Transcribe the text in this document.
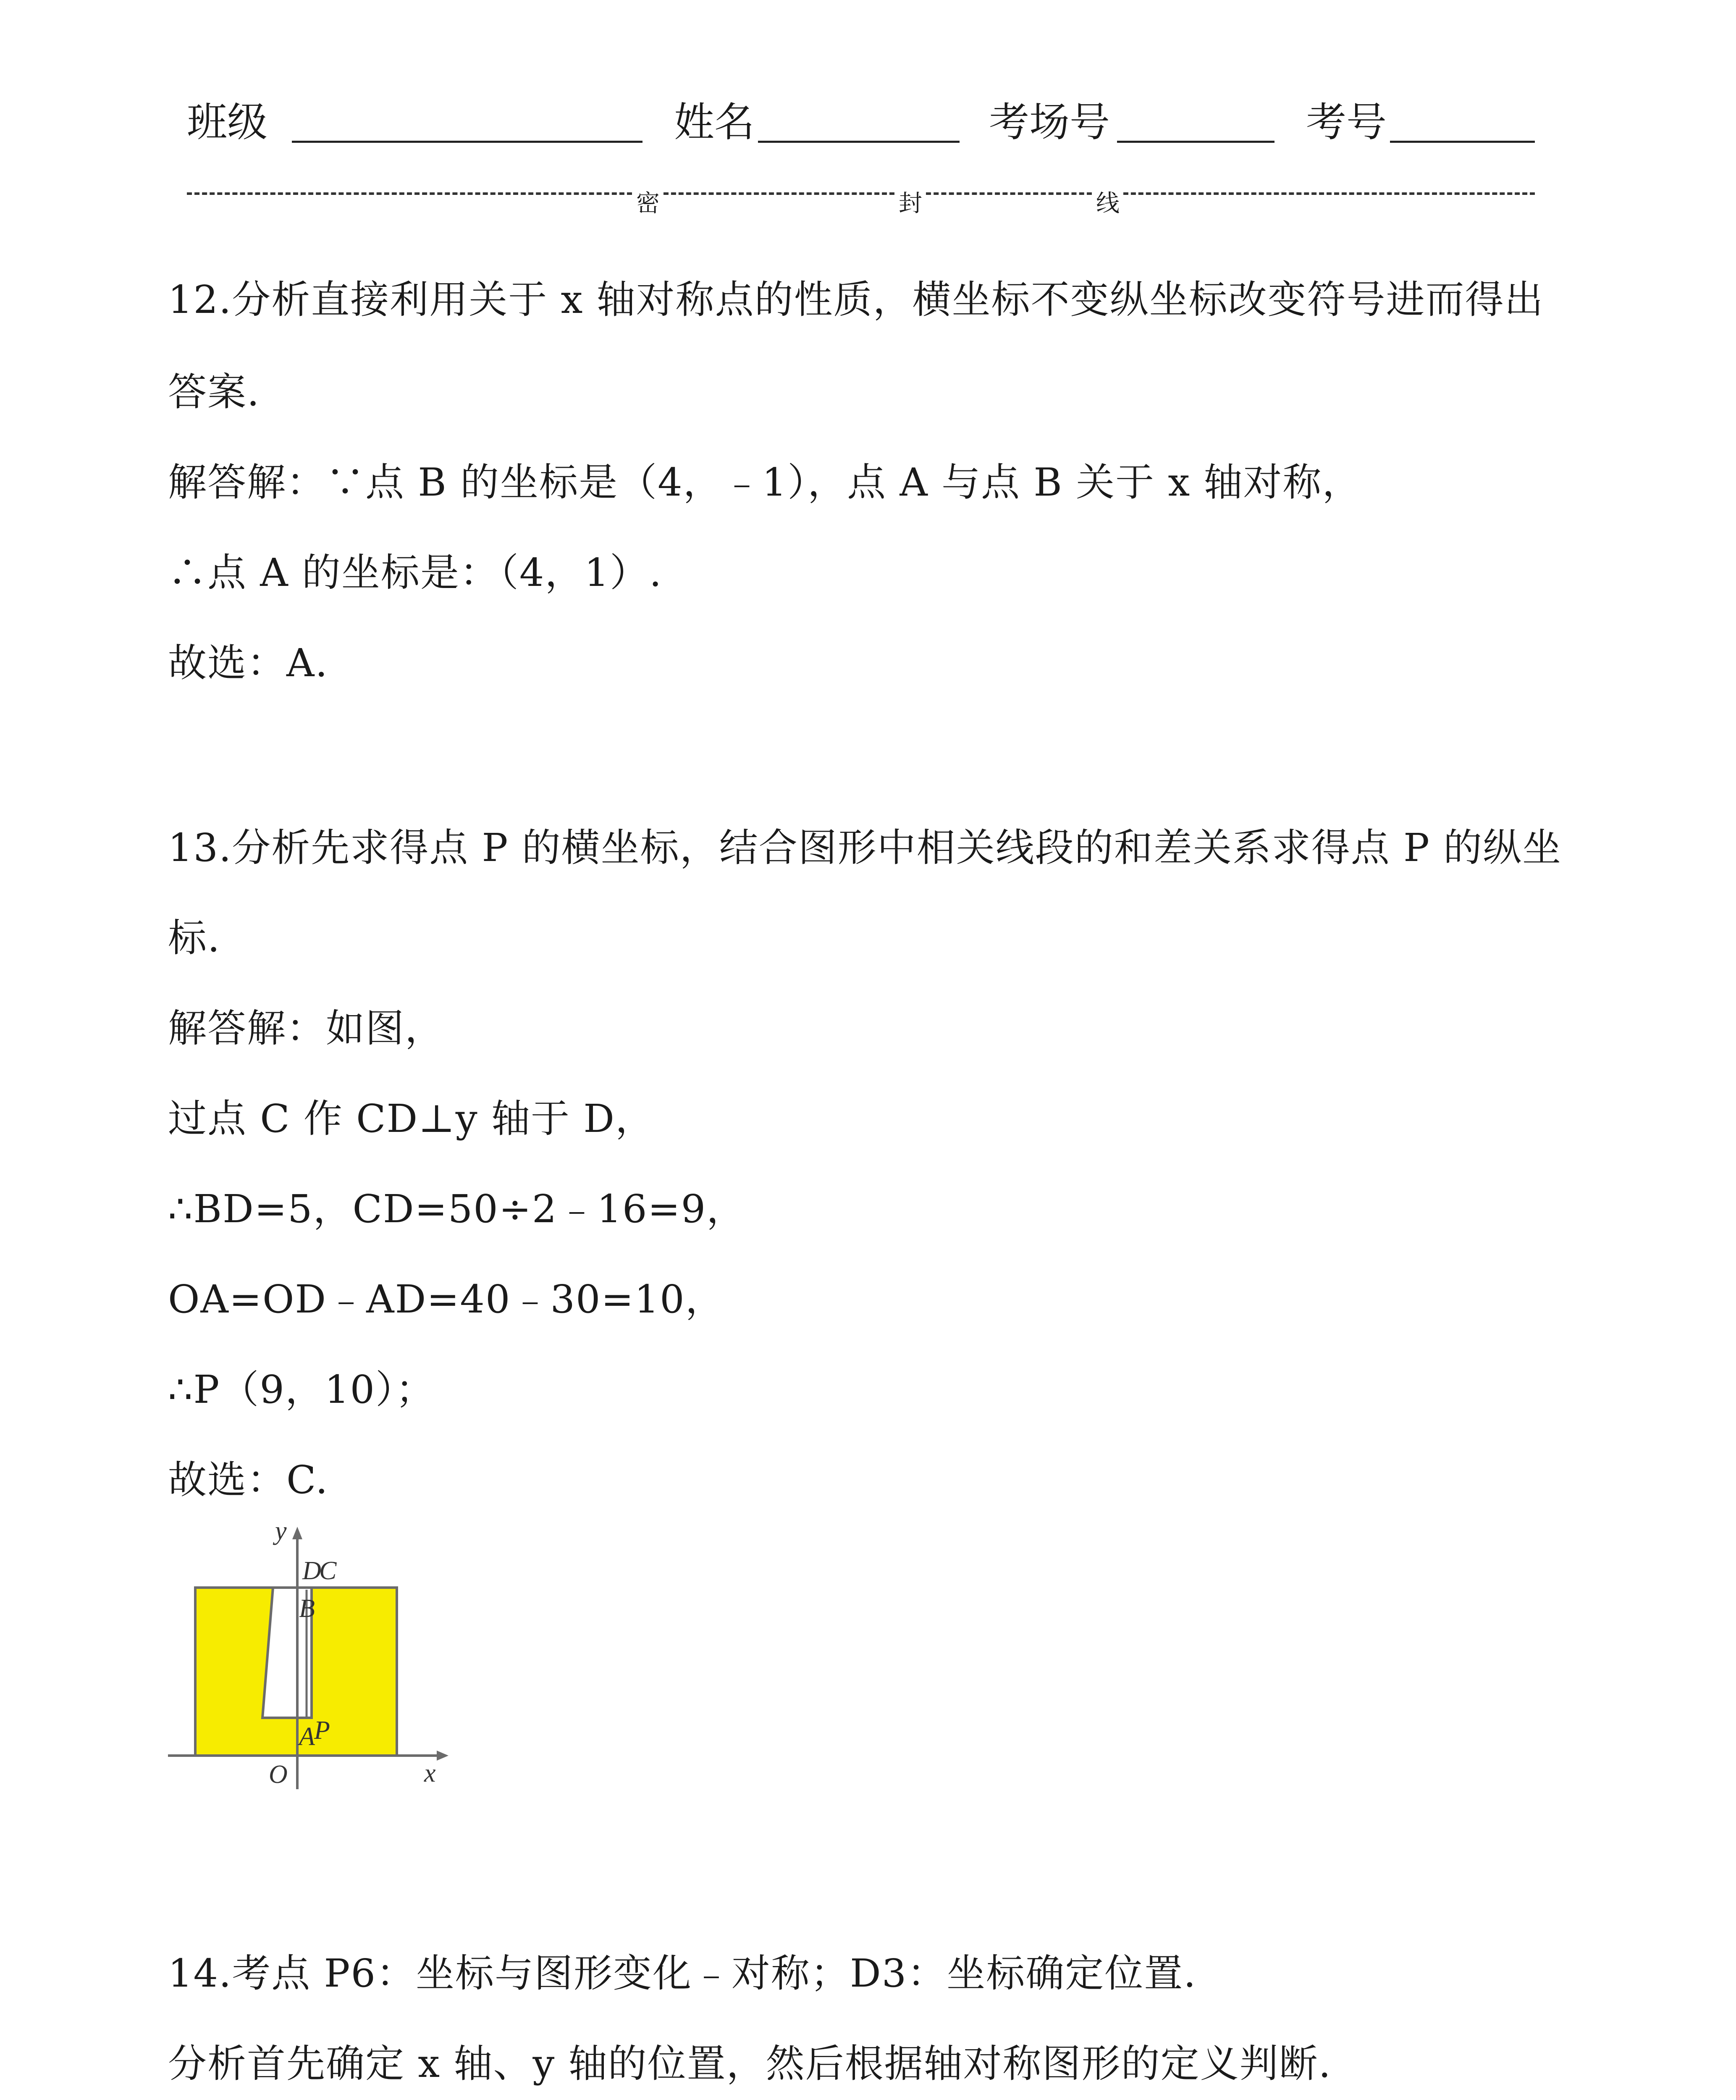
班级	姓名	考场号	考号
密	封	线
12.分析直接利用关于 x 轴对称点的性质，横坐标不变纵坐标改变符号进而得出
答案.
解答解：∵点 B 的坐标是（4，﹣1），点 A 与点 B 关于 x 轴对称，
∴点 A 的坐标是：（4，1）.
故选：A.
13.分析先求得点 P 的横坐标，结合图形中相关线段的和差关系求得点 P 的纵坐
标.
解答解：如图，
过点 C 作 CD⊥y 轴于 D，
∴BD=5，CD=50÷2﹣16=9，
OA=OD﹣AD=40﹣30=10，
∴P（9，10）；
故选：C.
y
x
O
D
C
B
A
P
14.考点 P6：坐标与图形变化﹣对称；D3：坐标确定位置.
分析首先确定 x 轴、y 轴的位置，然后根据轴对称图形的定义判断.
